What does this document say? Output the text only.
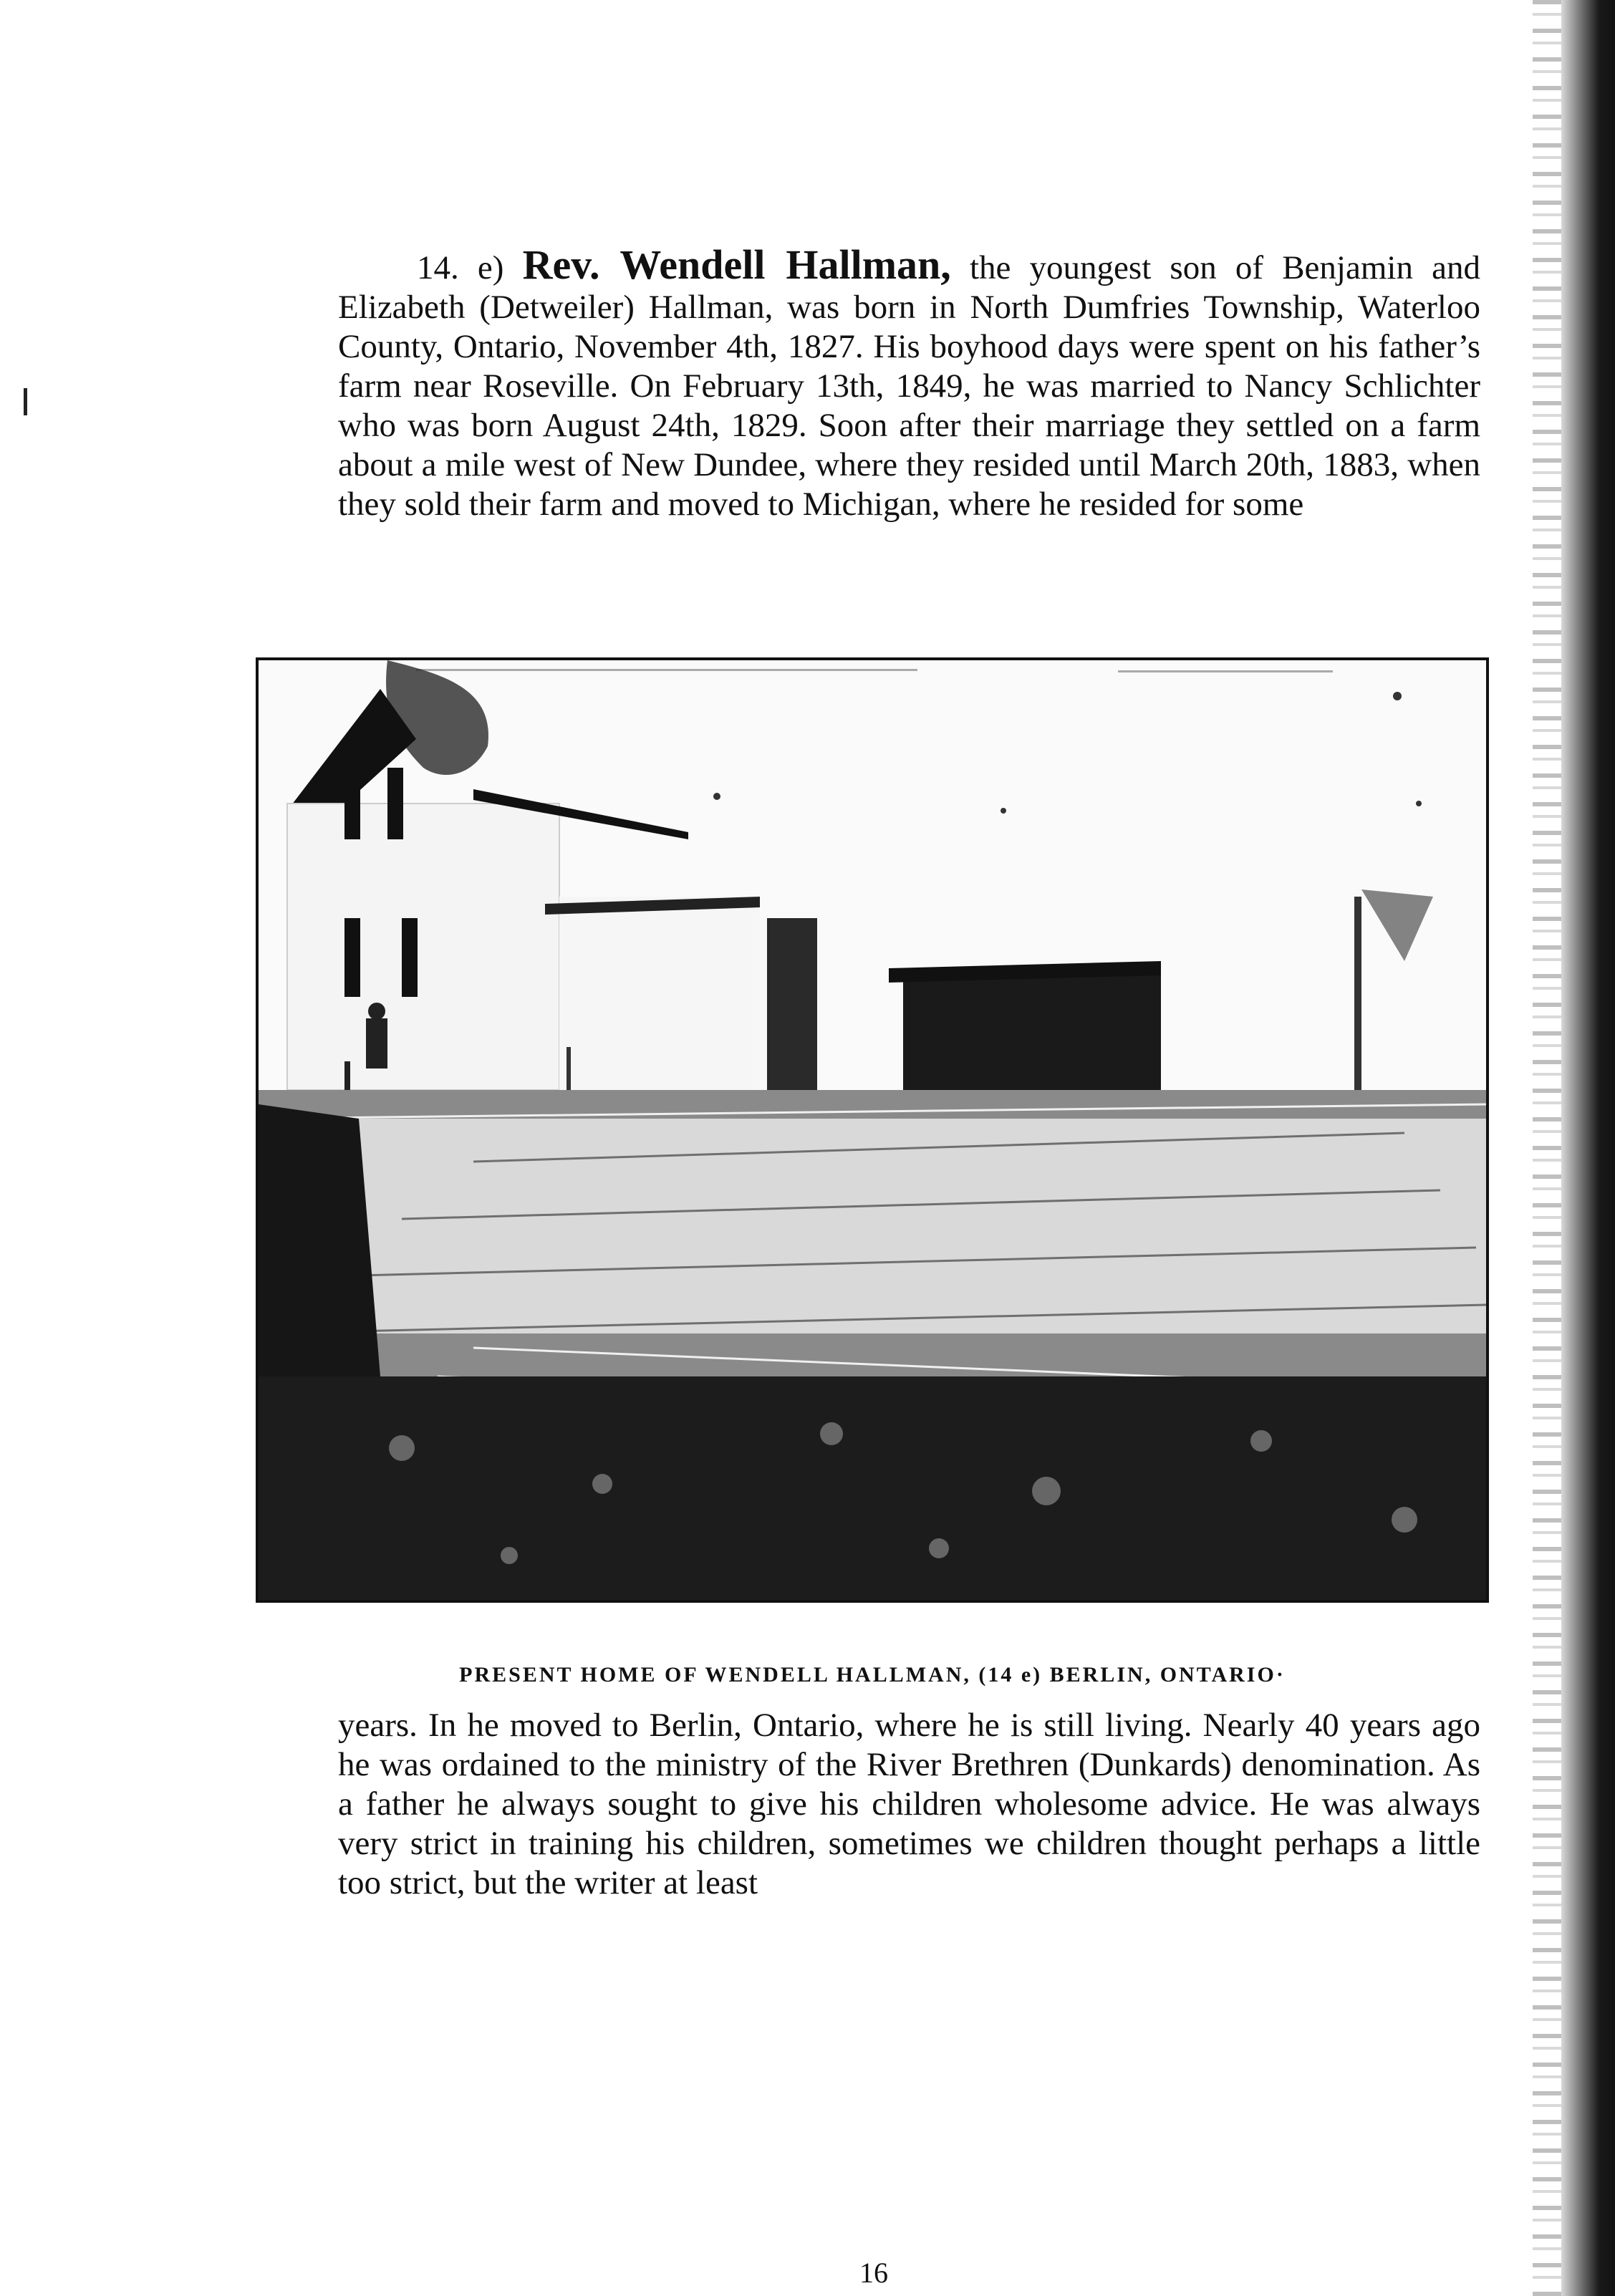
14. e) Rev. Wendell Hallman, the youngest son of Benjamin and Elizabeth (Detweiler) Hallman, was born in North Dumfries Township, Waterloo County, Ontario, November 4th, 1827. His boyhood days were spent on his father’s farm near Roseville. On February 13th, 1849, he was married to Nancy Schlichter who was born August 24th, 1829. Soon after their marriage they settled on a farm about a mile west of New Dundee, where they resided until March 20th, 1883, when they sold their farm and moved to Michigan, where he resided for some

PRESENT HOME OF WENDELL HALLMAN, (14 e) BERLIN, ONTARIO·

years. In he moved to Berlin, Ontario, where he is still living. Nearly 40 years ago he was ordained to the ministry of the River Brethren (Dunkards) denomination. As a father he always sought to give his children wholesome advice. He was always very strict in training his children, sometimes we children thought perhaps a little too strict, but the writer at least

16
